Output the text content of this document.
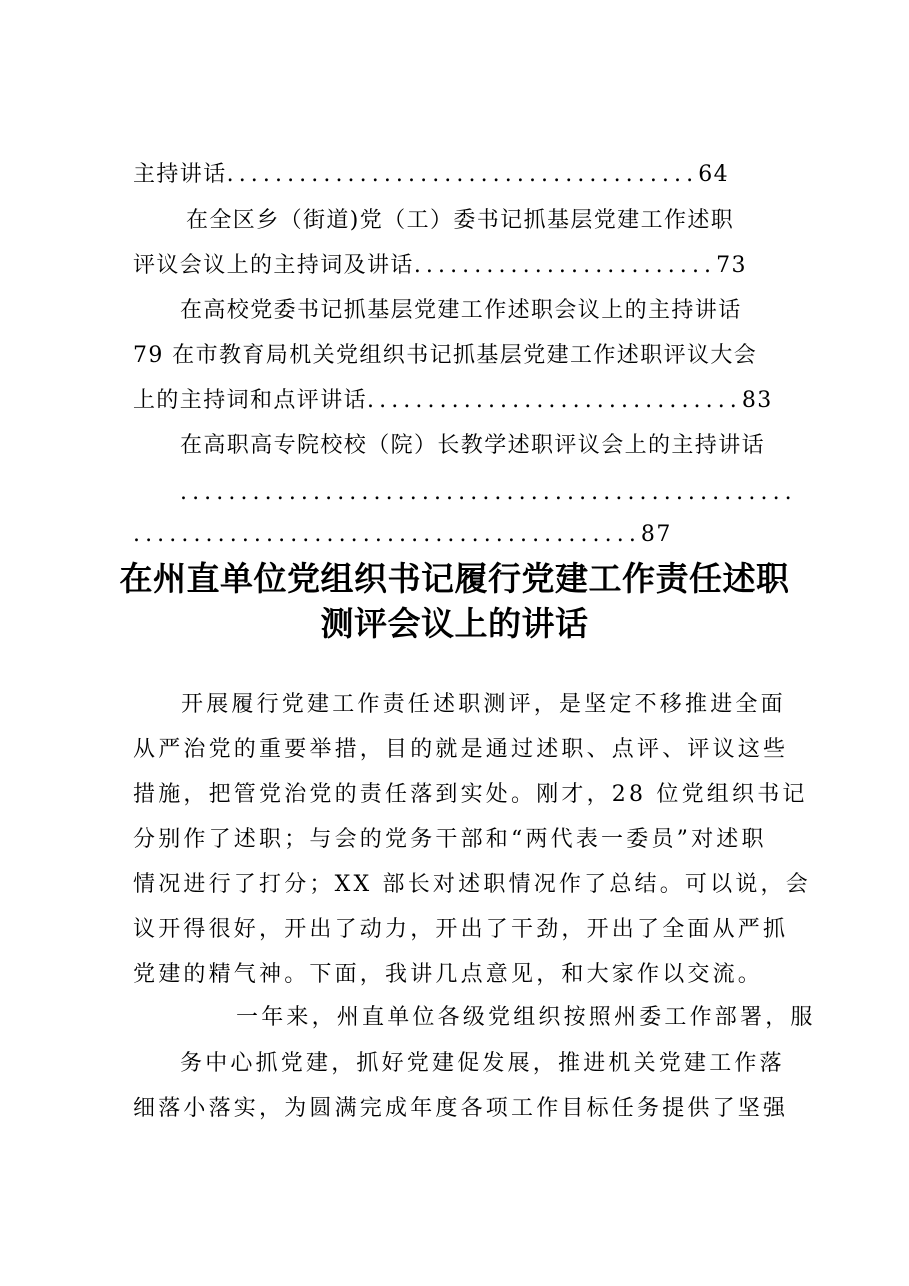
主持讲话.......................................64
在全区乡（街道)党（工）委书记抓基层党建工作述职
评议会议上的主持词及讲话.........................73
在高校党委书记抓基层党建工作述职会议上的主持讲话
79 在市教育局机关党组织书记抓基层党建工作述职评议大会
上的主持词和点评讲话...............................83
在高职高专院校校（院）长教学述职评议会上的主持讲话
...................................................
..........................................87
在州直单位党组织书记履行党建工作责任述职
测评会议上的讲话
开展履行党建工作责任述职测评，是坚定不移推进全面
从严治党的重要举措，目的就是通过述职、点评、评议这些
措施，把管党治党的责任落到实处。刚才，28 位党组织书记
分别作了述职；与会的党务干部和“两代表一委员”对述职
情况进行了打分；XX 部长对述职情况作了总结。可以说，会
议开得很好，开出了动力，开出了干劲，开出了全面从严抓
党建的精气神。下面，我讲几点意见，和大家作以交流。
一年来，州直单位各级党组织按照州委工作部署，服
务中心抓党建，抓好党建促发展，推进机关党建工作落
细落小落实，为圆满完成年度各项工作目标任务提供了坚强
